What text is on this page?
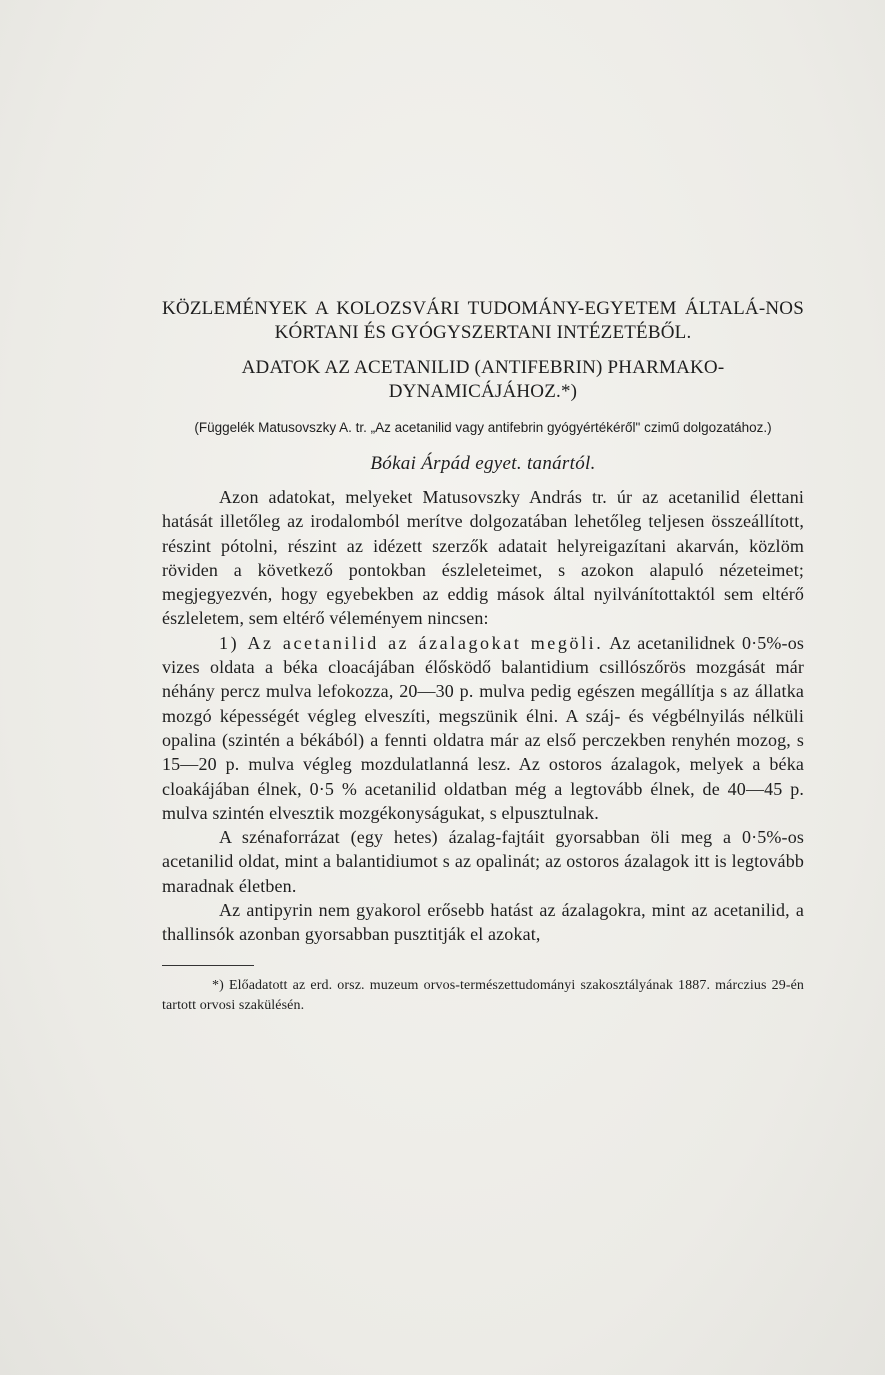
KÖZLEMÉNYEK A KOLOZSVÁRI TUDOMÁNY-EGYETEM ÁLTALÁ-NOS KÓRTANI ÉS GYÓGYSZERTANI INTÉZETÉBŐL.

ADATOK AZ ACETANILID (ANTIFEBRIN) PHARMAKO-DYNAMICÁJÁHOZ.*)

(Függelék Matusovszky A. tr. „Az acetanilid vagy antifebrin gyógyértékéről" czimű dolgozatához.)
Bókai Árpád egyet. tanártól.

Azon adatokat, melyeket Matusovszky András tr. úr az acetanilid élettani hatását illetőleg az irodalomból merítve dolgozatában lehetőleg teljesen összeállított, részint pótolni, részint az idézett szerzők adatait helyreigazítani akarván, közlöm röviden a következő pontokban észleleteimet, s azokon alapuló nézeteimet; megjegyezvén, hogy egyebekben az eddig mások által nyilvánítottaktól sem eltérő észleletem, sem eltérő véleményem nincsen:

1) Az acetanilid az ázalagokat megöli. Az acetanilidnek 0·5%-os vizes oldata a béka cloacájában élősködő balantidium csillószőrös mozgását már néhány percz mulva lefokozza, 20—30 p. mulva pedig egészen megállítja s az állatka mozgó képességét végleg elveszíti, megszünik élni. A száj- és végbélnyilás nélküli opalina (szintén a békából) a fennti oldatra már az első perczekben renyhén mozog, s 15—20 p. mulva végleg mozdulatlanná lesz. Az ostoros ázalagok, melyek a béka cloakájában élnek, 0·5 % acetanilid oldatban még a legtovább élnek, de 40—45 p. mulva szintén elvesztik mozgékonyságukat, s elpusztulnak.

A szénaforrázat (egy hetes) ázalag-fajtáit gyorsabban öli meg a 0·5%-os acetanilid oldat, mint a balantidiumot s az opalinát; az ostoros ázalagok itt is legtovább maradnak életben.

Az antipyrin nem gyakorol erősebb hatást az ázalagokra, mint az acetanilid, a thallinsók azonban gyorsabban pusztitják el azokat,

*) Előadatott az erd. orsz. muzeum orvos-természettudományi szakosztályának 1887. márczius 29-én tartott orvosi szakülésén.
